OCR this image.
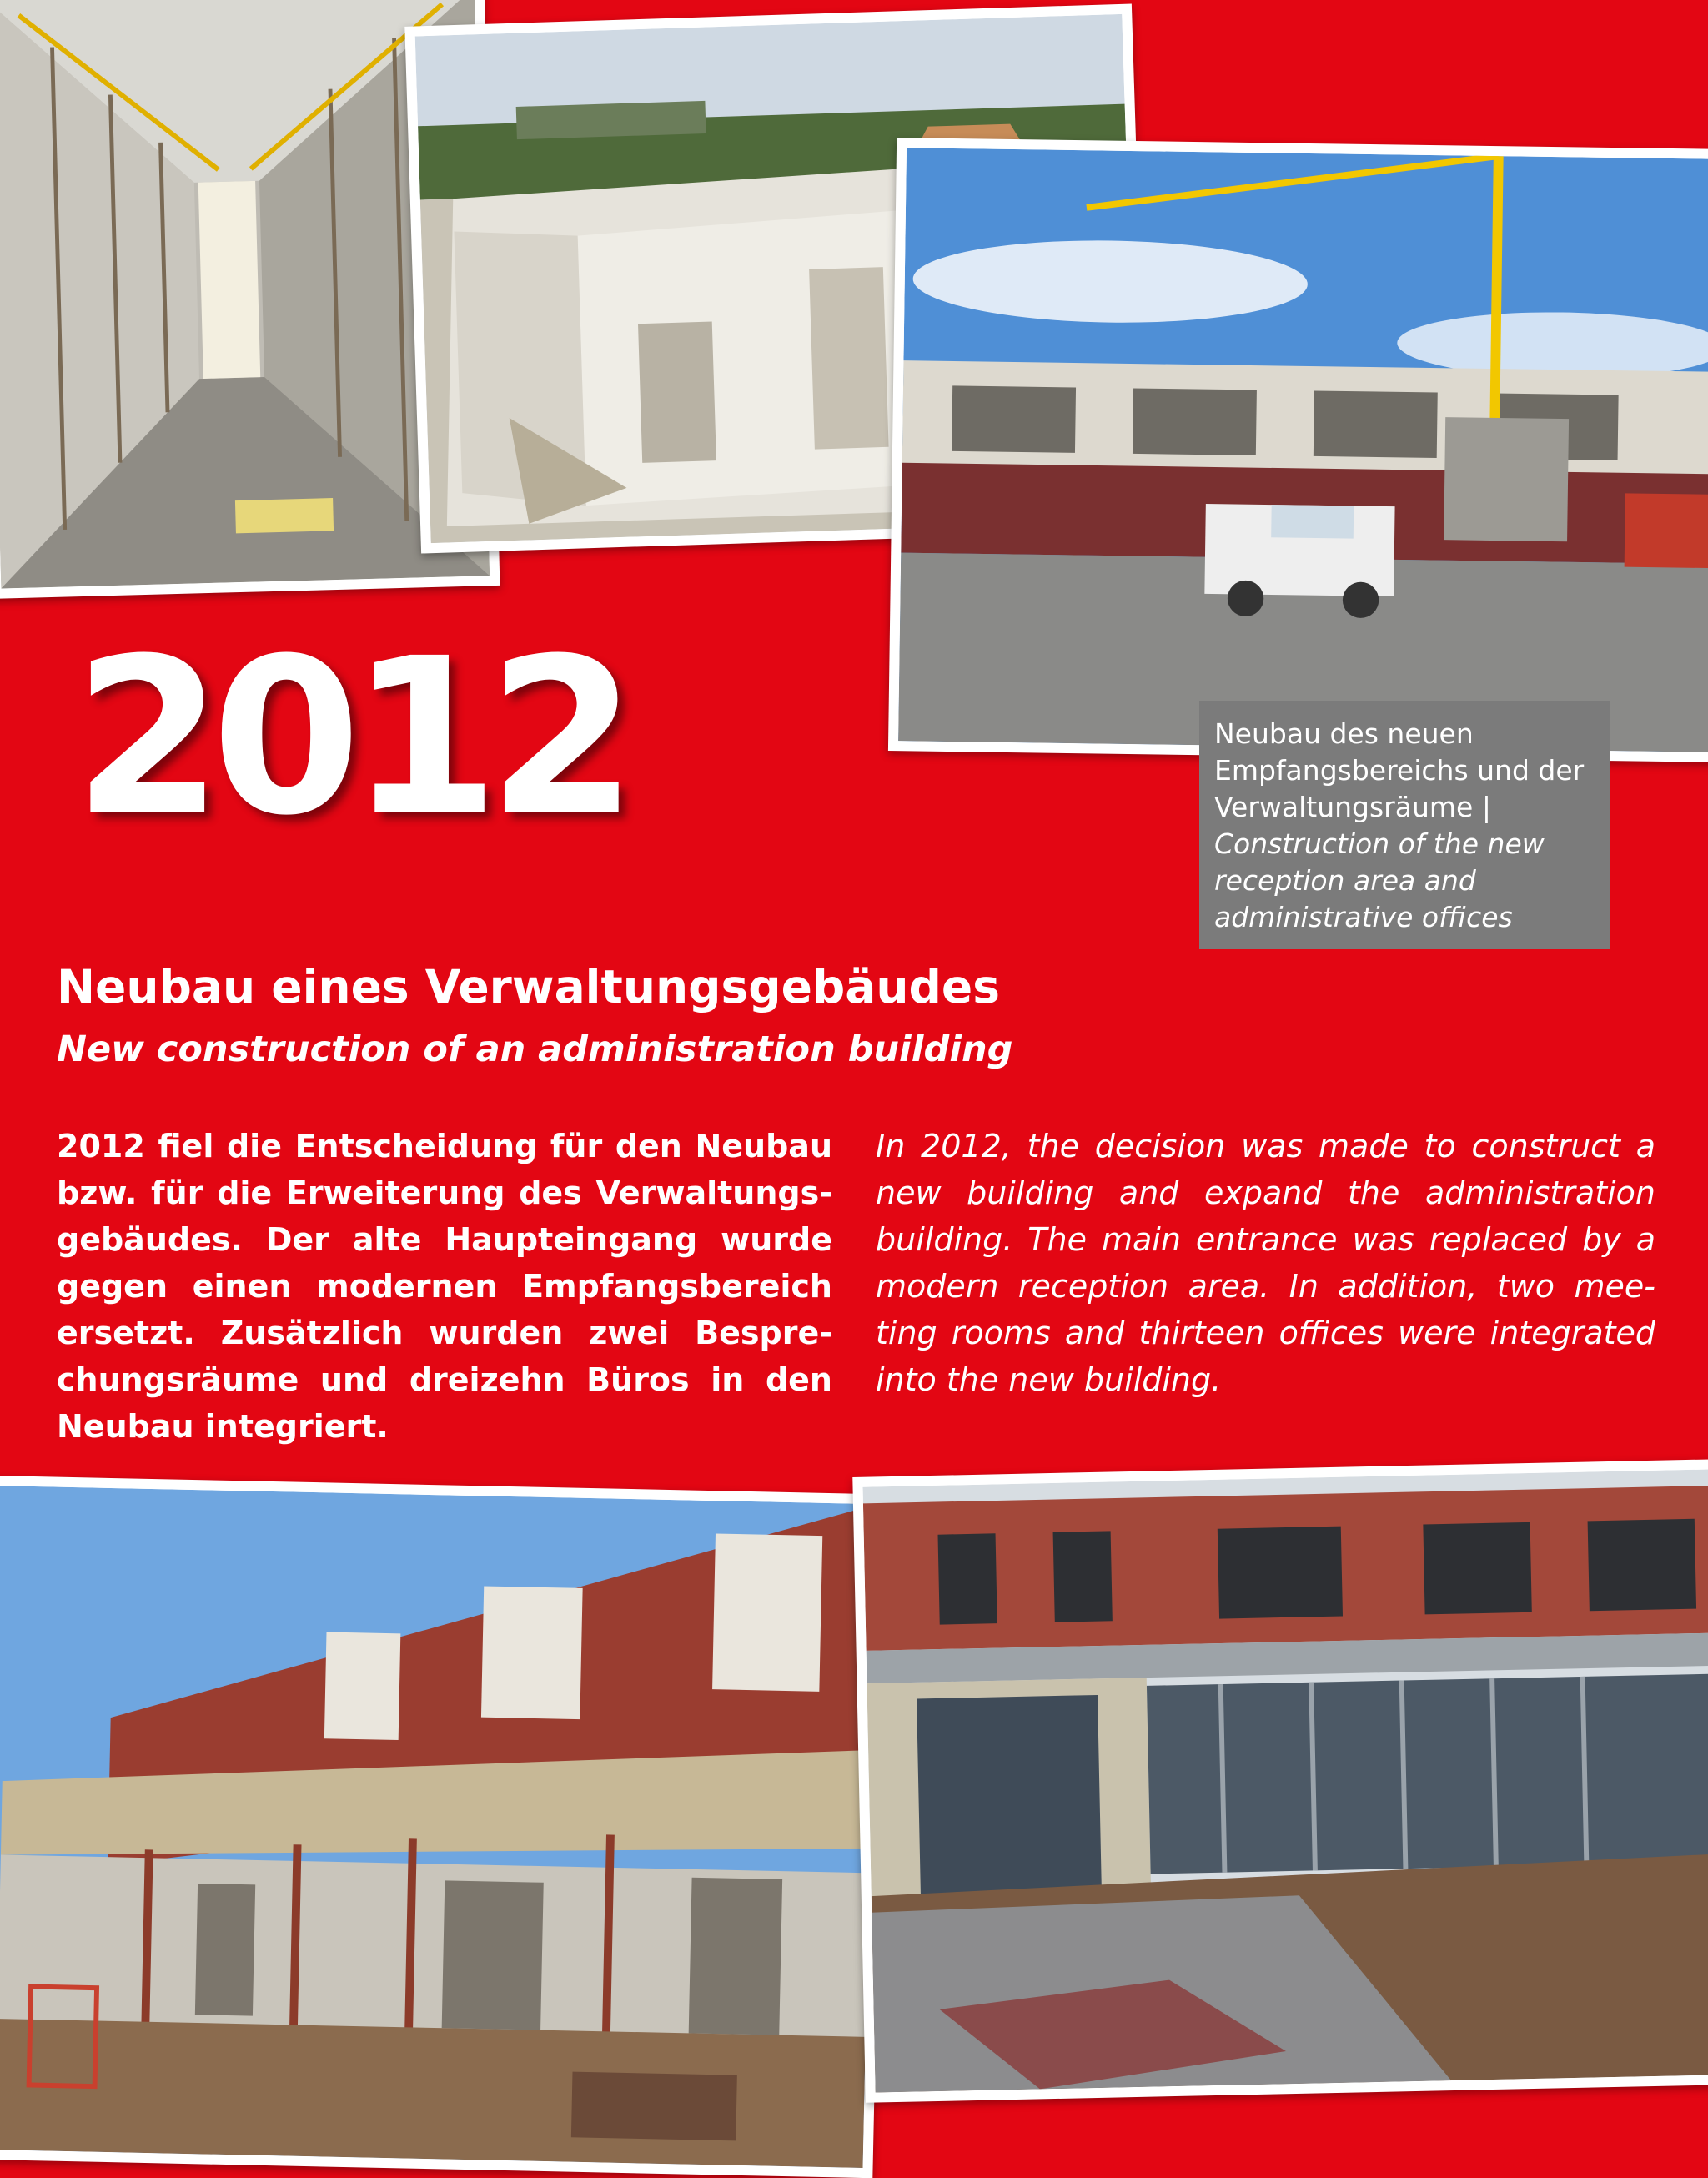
2012	Neubau des neuen Empfangsbereichs und der Verwaltungsräume | Construction of the new reception area and administrative offices
Neubau eines Verwaltungsgebäudes
New construction of an administration building
2012 fiel die Entscheidung für den Neubau bzw. für die Erweiterung des Verwaltungs-gebäudes. Der alte Haupteingang wurde gegen einen modernen Empfangsbereich ersetzt. Zusätzlich wurden zwei Bespre-chungsräume und dreizehn Büros in den Neubau integriert.
In 2012, the decision was made to construct a new building and expand the administration building. The main entrance was replaced by a modern reception area. In addition, two mee-ting rooms and thirteen offices were integrated into the new building.
